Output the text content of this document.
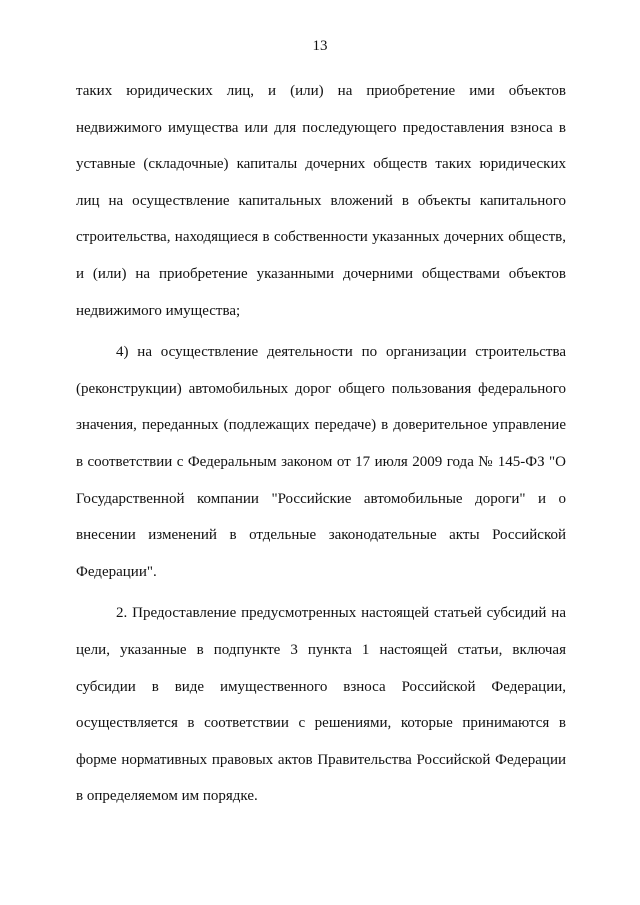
13

таких юридических лиц, и (или) на приобретение ими объектов недвижимого имущества или для последующего предоставления взноса в уставные (складочные) капиталы дочерних обществ таких юридических лиц на осуществление капитальных вложений в объекты капитального строительства, находящиеся в собственности указанных дочерних обществ, и (или) на приобретение указанными дочерними обществами объектов недвижимого имущества;

4) на осуществление деятельности по организации строительства (реконструкции) автомобильных дорог общего пользования федерального значения, переданных (подлежащих передаче) в доверительное управление в соответствии с Федеральным законом от 17 июля 2009 года № 145-ФЗ "О Государственной компании "Российские автомобильные дороги" и о внесении изменений в отдельные законодательные акты Российской Федерации".

2. Предоставление предусмотренных настоящей статьей субсидий на цели, указанные в подпункте 3 пункта 1 настоящей статьи, включая субсидии в виде имущественного взноса Российской Федерации, осуществляется в соответствии с решениями, которые принимаются в форме нормативных правовых актов Правительства Российской Федерации в определяемом им порядке.
